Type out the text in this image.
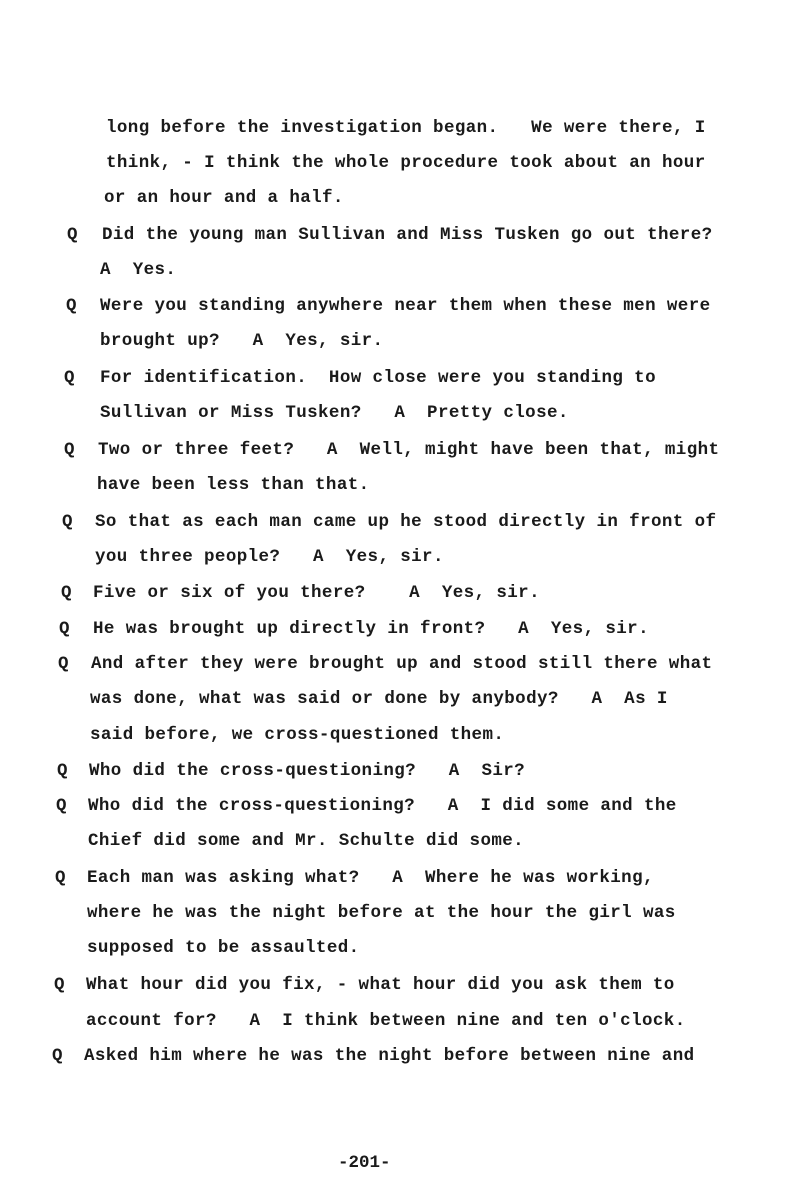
long before the investigation began.   We were there, I
think, - I think the whole procedure took about an hour
or an hour and a half.
Q Did the young man Sullivan and Miss Tusken go out there?
A  Yes.
Q Were you standing anywhere near them when these men were
brought up?   A  Yes, sir.
Q For identification.  How close were you standing to
Sullivan or Miss Tusken?   A  Pretty close.
Q Two or three feet?   A  Well, might have been that, might
have been less than that.
Q So that as each man came up he stood directly in front of
you three people?   A  Yes, sir.
Q Five or six of you there?    A  Yes, sir.
Q He was brought up directly in front?   A  Yes, sir.
Q And after they were brought up and stood still there what
was done, what was said or done by anybody?   A  As I
said before, we cross-questioned them.
Q Who did the cross-questioning?   A  Sir?
Q Who did the cross-questioning?   A  I did some and the
Chief did some and Mr. Schulte did some.
Q Each man was asking what?   A  Where he was working,
where he was the night before at the hour the girl was
supposed to be assaulted.
Q What hour did you fix, - what hour did you ask them to
account for?   A  I think between nine and ten o'clock.
Q Asked him where he was the night before between nine and
-201-
